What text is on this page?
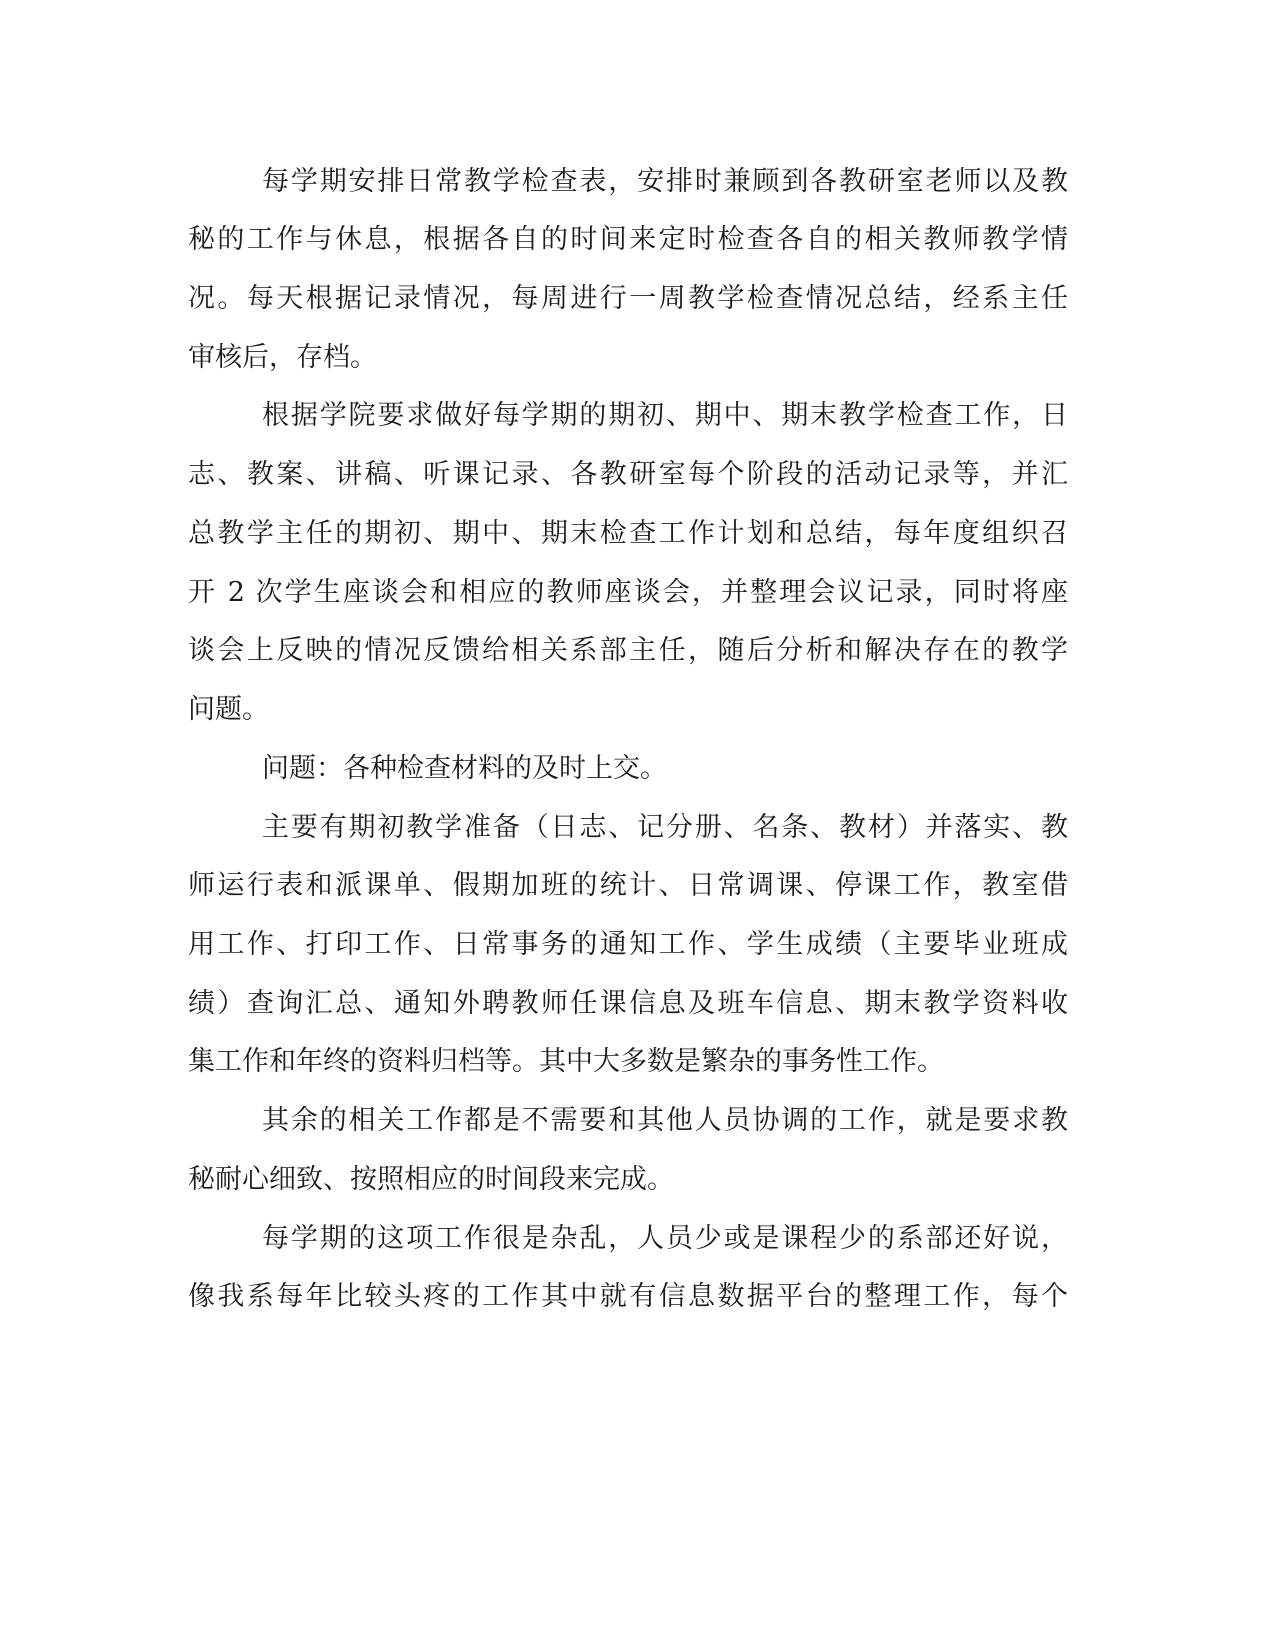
每学期安排日常教学检查表，安排时兼顾到各教研室老师以及教
秘的工作与休息，根据各自的时间来定时检查各自的相关教师教学情
况。每天根据记录情况，每周进行一周教学检查情况总结，经系主任
审核后，存档。
根据学院要求做好每学期的期初、期中、期末教学检查工作，日
志、教案、讲稿、听课记录、各教研室每个阶段的活动记录等，并汇
总教学主任的期初、期中、期末检查工作计划和总结，每年度组织召
开 2 次学生座谈会和相应的教师座谈会，并整理会议记录，同时将座
谈会上反映的情况反馈给相关系部主任，随后分析和解决存在的教学
问题。
问题：各种检查材料的及时上交。
主要有期初教学准备（日志、记分册、名条、教材）并落实、教
师运行表和派课单、假期加班的统计、日常调课、停课工作，教室借
用工作、打印工作、日常事务的通知工作、学生成绩（主要毕业班成
绩）查询汇总、通知外聘教师任课信息及班车信息、期末教学资料收
集工作和年终的资料归档等。其中大多数是繁杂的事务性工作。
其余的相关工作都是不需要和其他人员协调的工作，就是要求教
秘耐心细致、按照相应的时间段来完成。
每学期的这项工作很是杂乱，人员少或是课程少的系部还好说，
像我系每年比较头疼的工作其中就有信息数据平台的整理工作，每个
